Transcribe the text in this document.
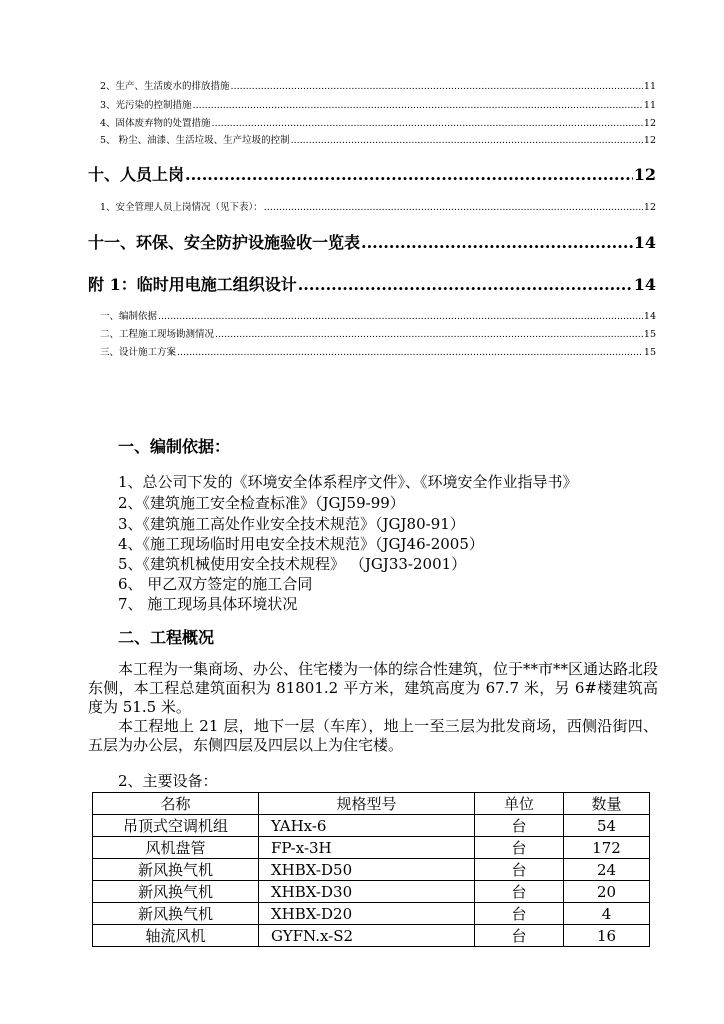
2、生产、生活废水的排放措施 .....	11
3、光污染的控制措施 .....	11
4、固体废弃物的处置措施 .....	12
5、 粉尘、油漆、生活垃圾、生产垃圾的控制 .....	12
十、人员上岗 .....	12
1、安全管理人员上岗情况（见下表）： .....	12
十一、环保、安全防护设施验收一览表 .....	14
附 1：临时用电施工组织设计 .....	14
一、编制依据 .....	14
二、工程施工现场勘测情况 .....	15
三、设计施工方案 .....	15
一、编制依据：
1、总公司下发的《环境安全体系程序文件》、《环境安全作业指导书》
2、《建筑施工安全检查标准》（JGJ59-99）
3、《建筑施工高处作业安全技术规范》（JGJ80-91）
4、《施工现场临时用电安全技术规范》（JGJ46-2005）
5、《建筑机械使用安全技术规程》 （JGJ33-2001）
6、 甲乙双方签定的施工合同
7、 施工现场具体环境状况
二、工程概况

本工程为一集商场、办公、住宅楼为一体的综合性建筑，位于**市**区通达路北段东侧，本工程总建筑面积为 81801.2 平方米，建筑高度为 67.7 米，另 6#楼建筑高度为 51.5 米。

本工程地上 21 层，地下一层（车库），地上一至三层为批发商场，西侧沿街四、五层为办公层，东侧四层及四层以上为住宅楼。

2、主要设备：
名称	规格型号	单位	数量
吊顶式空调机组	YAHx-6	台	54
风机盘管	FP-x-3H	台	172
新风换气机	XHBX-D50	台	24
新风换气机	XHBX-D30	台	20
新风换气机	XHBX-D20	台	4
轴流风机	GYFN.x-S2	台	16
